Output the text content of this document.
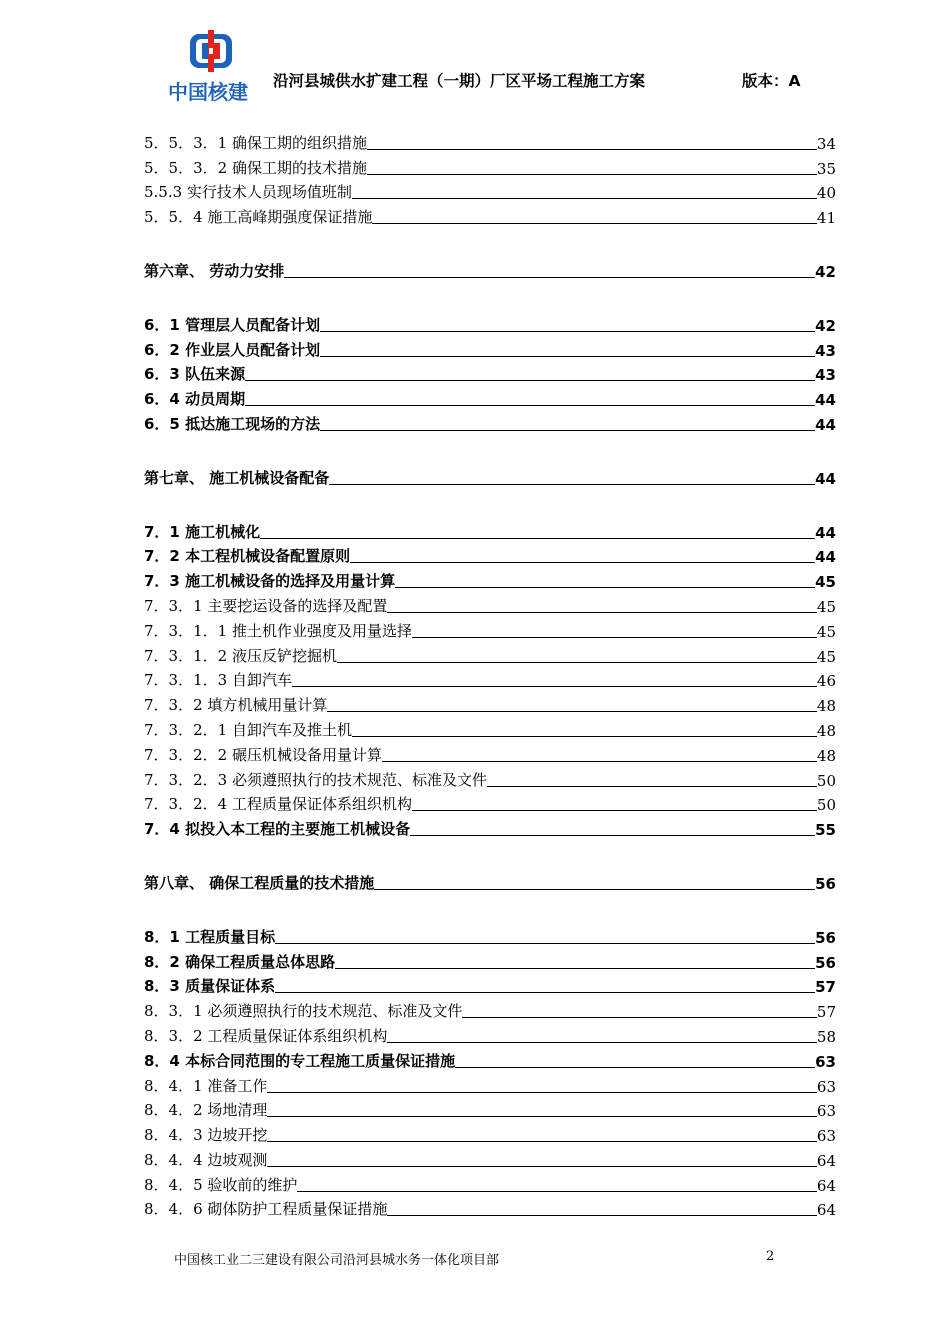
中国核建 沿河县城供水扩建工程（一期）厂区平场工程施工方案	版本：A
5．5．3．1 确保工期的组织措施	34
5．5．3．2 确保工期的技术措施	35
5.5.3 实行技术人员现场值班制	40
5．5．4 施工高峰期强度保证措施	41
第六章、 劳动力安排	42
6．1 管理层人员配备计划	42
6．2 作业层人员配备计划	43
6．3 队伍来源	43
6．4 动员周期	44
6．5 抵达施工现场的方法	44
第七章、 施工机械设备配备	44
7．1 施工机械化	44
7．2 本工程机械设备配置原则	44
7．3 施工机械设备的选择及用量计算	45
7．3．1 主要挖运设备的选择及配置	45
7．3．1．1 推土机作业强度及用量选择	45
7．3．1．2 液压反铲挖掘机	45
7．3．1．3 自卸汽车	46
7．3．2 填方机械用量计算	48
7．3．2．1 自卸汽车及推土机	48
7．3．2．2 碾压机械设备用量计算	48
7．3．2．3 必须遵照执行的技术规范、标准及文件	50
7．3．2．4 工程质量保证体系组织机构	50
7．4 拟投入本工程的主要施工机械设备	55
第八章、 确保工程质量的技术措施	56
8．1 工程质量目标	56
8．2 确保工程质量总体思路	56
8．3 质量保证体系	57
8．3．1 必须遵照执行的技术规范、标准及文件	57
8．3．2 工程质量保证体系组织机构	58
8．4 本标合同范围的专工程施工质量保证措施	63
8．4．1 准备工作	63
8．4．2 场地清理	63
8．4．3 边坡开挖	63
8．4．4 边坡观测	64
8．4．5 验收前的维护	64
8．4．6 砌体防护工程质量保证措施	64
中国核工业二三建设有限公司沿河县城水务一体化项目部	2
